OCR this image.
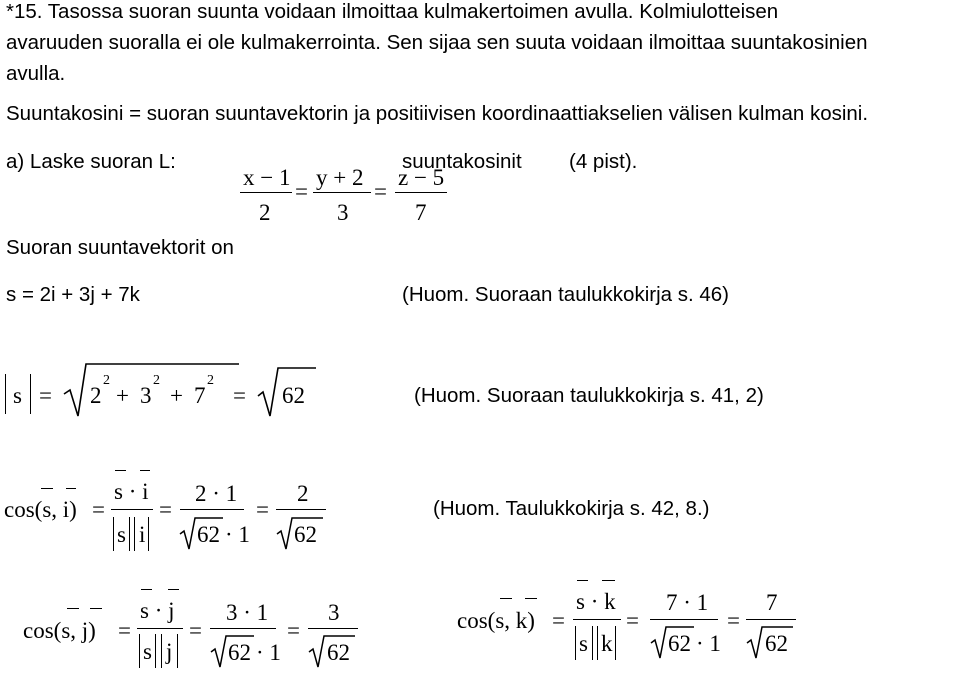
*15. Tasossa suoran suunta voidaan ilmoittaa kulmakertoimen avulla. Kolmiulotteisen
avaruuden suoralla ei ole kulmakerrointa. Sen sijaa sen suuta voidaan ilmoittaa suuntakosinien
avulla.
Suuntakosini = suoran suuntavektorin ja positiivisen koordinaattiakselien välisen kulman kosini.
a) Laske suoran L:	suuntakosinit (4 pist).
x − 1
2
=
y + 2
3
=
z − 5
7
Suoran suuntavektorit on
s = 2i + 3j + 7k	(Huom. Suoraan taulukkokirja s. 46)
s = 2
2
+ 3
2
+ 7
2
= 62	(Huom. Suoraan taulukkokirja s. 41, 2)
cos(s, i) =
s · i
s i
=
2 · 1
62 · 1
=
2
62
(Huom. Taulukkokirja s. 42, 8.)
cos(s, j) =
s · j
s j
=
3 · 1
62 · 1
=
3
62
cos(s, k) =
s · k
s k
=
7 · 1
62 · 1
=
7
62
